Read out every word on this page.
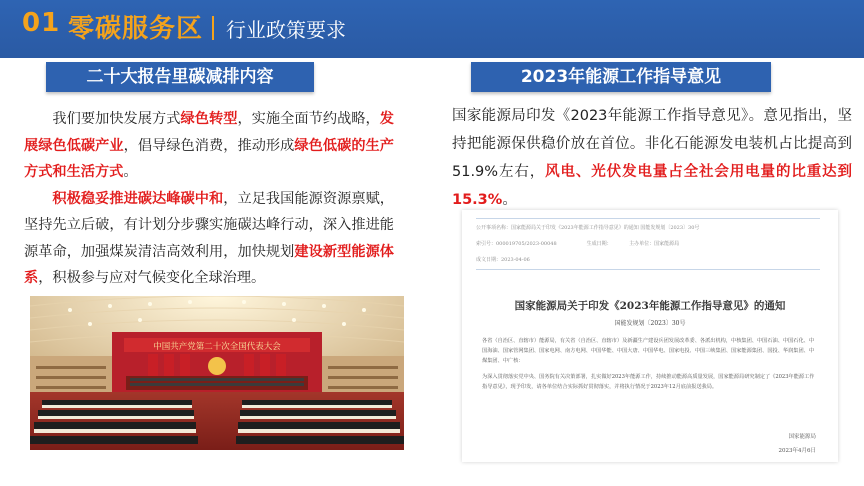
01 零碳服务区 行业政策要求
二十大报告里碳减排内容	2023年能源工作指导意见

我们要加快发展方式绿色转型，实施全面节约战略，发展绿色低碳产业，倡导绿色消费，推动形成绿色低碳的生产方式和生活方式。

积极稳妥推进碳达峰碳中和，立足我国能源资源禀赋，坚持先立后破，有计划分步骤实施碳达峰行动，深入推进能源革命，加强煤炭清洁高效利用，加快规划建设新型能源体系，积极参与应对气候变化全球治理。

中国共产党第二十次全国代表大会

国家能源局印发《2023年能源工作指导意见》。意见指出，坚持把能源保供稳价放在首位。非化石能源发电装机占比提高到51.9%左右，风电、光伏发电量占全社会用电量的比重达到15.3%。

公开事项名称：国家能源局关于印发《2023年能源工作指导意见》的通知 国能发规划〔2023〕30号
索引号：000019705/2023-00048　　　　　　生成日期：　　　　主办单位：国家能源局
成文日期：2023-04-06
国家能源局关于印发《2023年能源工作指导意见》的通知
国能发规划〔2023〕30号

各省（自治区、直辖市）能源局，有关省（自治区、直辖市）及新疆生产建设兵团发展改革委、各派出机构，中核集团、中国石油、中国石化、中国海油、国家管网集团、国家电网、南方电网、中国华能、中国大唐、中国华电、国家电投、中国三峡集团、国家能源集团、国投、华润集团、中煤集团、中广核：

为深入贯彻落实党中央、国务院有关决策部署，扎实做好2023年能源工作，持续推动能源高质量发展，国家能源局研究制定了《2023年能源工作指导意见》，现予印发，请各单位结合实际抓好贯彻落实，并将执行情况于2023年12月底前报送我局。

国家能源局
2023年4月6日
